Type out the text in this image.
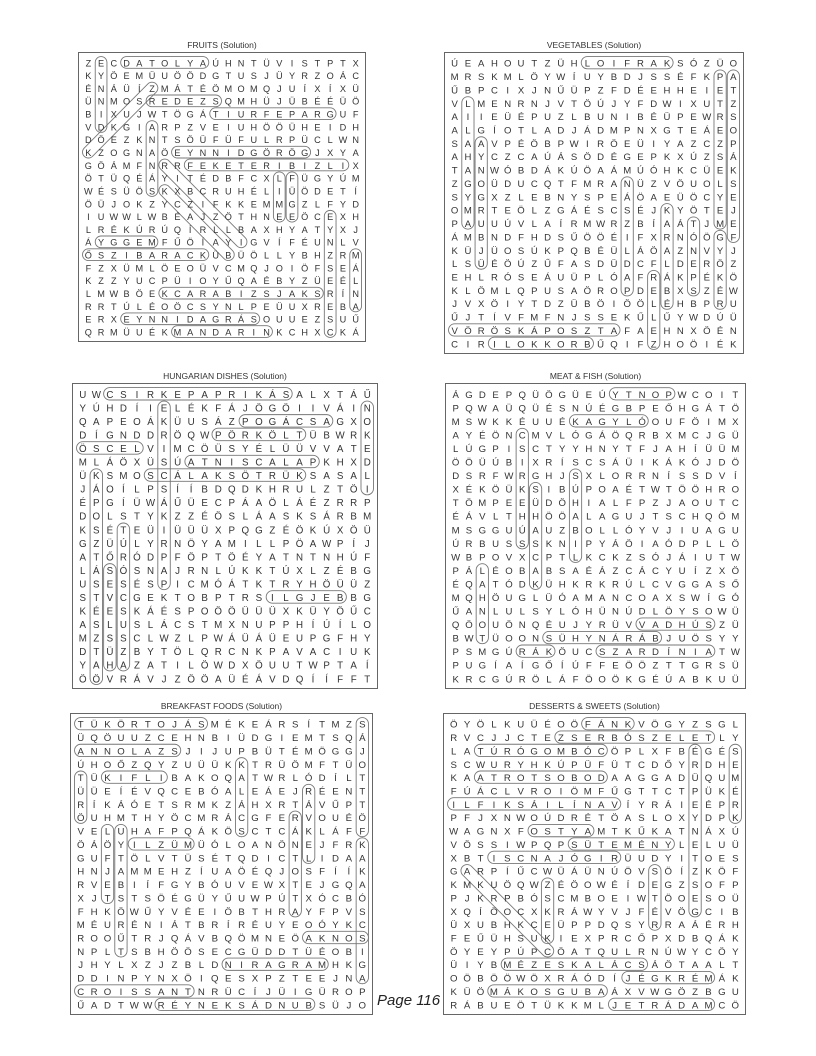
FRUITS (Solution)
Z E C D A T O L Y A Ú H N T Ü V I S T P T X
K Y Ö E M Ü U Ö Ö D G T U S J Ü Y R Z O Á C
É N Á Ü Í Z M Á T É Ö M O M Q J U Í X Í X Ü
Ü N M O S R E D E Z S Q M H Ü J Ü B É É Ü Ö
B I X U J W T Ö G Á T I U R F E P A R G U F
V D K G I A R P Z V E I U H Ö Ö Ü H E I D H
D Ö E Z K N T S Ö Ü F Ü F U L R P Ü C L W N
K Z O G N A Ö E Y N N I D G Ö R Ö G J X Y A
G Ö Á M F N R R F E K E T E R I B I Z L I X
Ö T Ü Q É Á Y I T É D B F C X L F Ü G Y Ú M
W É S Ü Ö S K X B C R U H É L I Ü Ö D E T Í
Ö Ü J O K Z Y C Z I F K K E M M G Z L F Y D
I U W W L W B É A J Z Ö T H N E E Ö C E X H
L R É K Ú R Ú Q Í R L L B A X H Y A T Y X J
Á Y G G E M F Ű Ö Í A Y I G V Í F É U N L V
Ő S Z I B A R A C K Ü B Ü Ö L L Y B H Z R M
F Z X Ü M L Ö E O Ü V C M Q J O I Ö F S E Á
K Z Z Y U C P Ü I O Y Ű Q A É B Y Z Ü E É L
L M W B Ö E K C A R A B I Z S J A K S R Í N
R R T Ú L É O Ö C S Y N L P E Ü U X R E B A
E R X E Y N N I D A G R Á S O U U E Z S U Ű
Q R M Ü U É K M A N D A R I N K C H X C K Á
VEGETABLES (Solution)
Ú E A H O U T Z Ü H L O I F R A K S Ó Z Ü O
M R S K M L Ö Y W Í U Y B D J S S É F K P A
Ű B P C I X J N Ű Ü P Z F D É E H H E I E T
V L M E N R N J V T Ö Ú J Y F D W I X U T Z
A I I E Ü É P U Z L B U N I B É Ü P E W R S
A L G Í O T L A D J Á D M P N X G T E Á E O
S A A V P É Ö B P W I R Ö E Ü I Y A Z C Z P
A H Y C Z C A Ú Á S Ö D É G E P K X Ú Z S Á
T A N W Ó B D Á K Ú Ö A Á M Ú Ó H K C Ü E K
Z G O Ü D U C Q T F M R A N Ü Z V Ö U O L S
S Y G X Z L E B N Y S P E Á Ö A E Ü Ö C Y E
O M R T E Ö L Z G Á É S C S É J K Y Ö T E J
P A U U Ú V L A Í R M W R Z B Í A Á T J M E
Á M B N D F H D S Ű Ö Ö É I F X R N Ó Ö G F
K Ü J Ü O S Ú K P Q B É Ü L Á Ö A Z N V Y J
L S Ü É Ö Ú Z Ű F A S D Ü D C F L D E R Ö Z
E H L R Ó S E Á U Ü P L Ó A F R Á K P É K Ö
K L Ö M L Q P U S A Ö R O P D E B X S Z É W
J V X Ö I Y T D Z Ü B Ö I Ö Ö L É H B P R U
Ű J T Í V F M F N J S S E K Ű L Ű Y W D Ú Ü
V Ö R Ö S K Á P O S Z T A F A E H N X Ö É N
C I R I L O K K O R B Ű Q I F Z H O Ö I É K
HUNGARIAN DISHES (Solution)
U W C S I R K E P A P R I K Á S A L X T Á Ű
Y Ú H D Í I E L É K F Á J Ö G Ö I I V Á I N
Q A P E O Á K Ü U S Á Z P O G Á C S A G X O
D Í G N D D R Ö Q W P Ö R K Ö L T Ü B W R K
Ö S C E L V I M C Ö Ü S Y É L Ü Ü V V A T E
M L Á Ö X Ü S Ú A T N I S C A L A P K H X D
Ü K S M O S C Á L A K S Ö T R Ü K S A S A L
J Á O Í L P S Í Í B D Q D K H R U L Z T Ö I
É P G Í Ü W Á Ű Ü E C P Á A Ö L Á É Z R R P
D O L S T Y K Z Z É Ö S L Á A S K S Á R B M
K S É T E Ü I Ü Ü Ü X P Q G Z É Ö K Ú X Ö Ü
G Z Ü Ú L Y R N Ö Y A M I L L P Ö A W P Í J
A T Ő R Ó D P F Ö P T Ö É Y A T N T N H Ú F
L Á S Ó S N A J R N L Ú K K T Ú X L Z É B G
U S E S É S P I C M Ó Á T K T R Y H Ö Ü Ü Z
S T V C G E K T O B P T R S I L G J E B B G
K É E S K Á É S P O Ö Ö Ü Ü Ü X K Ü Y Ö Ű C
A S L U S L Á C S T M X N U P P H Í Ú Í L O
M Z S S C L W Z L P W Á Ü Á Ü E U P G F H Y
D T Ü Z B Y T Ö L Q R C N K P A V A C I U K
Y A H A Z A T I L Ö W D X Ö U U T W P T A Í
Ö Ö V R Á V J Z Ö Ö A Ü É Á V D Q Í Í F F T
MEAT & FISH (Solution)
Á G D E P Q Ü Ö G Ü E Ú Y T N O P W C O I T
P Q W A Ü Q Ü É S N Ú É G B P E Ő H G Á T Ö
M S W K K É U U É K A G Y L Ó O U F Ö I M X
A Y É Ö N C M V L Ó G Á Ö Q R B X M C J G Ü
L Ú G P I S C T Y Y H N Y T F J A H Í Ü Ü M
Ö Ö Ü Ú B I X R Í S C S Á Ü I K Á K Ó J D Ö
D S R F W R G H J S X L O R R N Í S S D V Í
X É K Ö Ü K S I B Ú P O A É T W T Ö Ö H R O
T Ö M P E E Ü D Ö H I A L F P Z J A O U T C
É Á V L T H H Ö Ö A L A G U J T S C H Q Ö M
M S G G U Ú A U Z B O L L Ó Y V J I U A G U
Ú R B U S S S K N I P Y Á Ö I A Ó D P L L Ö
W B P O V X C P T L K C K Z S Ó J Á I U T W
P Á L É O B A B S A É Á Z C Á C Y U Í Z X Ö
É Q A T Ó D K Ü H K R K R Ú L C V G G A S Ő
M Q H Ö U G L Ü Ó A M A N C O A X S W Í G Ó
Ű A N L U L S Y L Ó H Ü N Ú D L Ö Y S O W Ü
Q Ö O U Ö N Q É U J Y R Ü V V A D H Ú S Z Ü
B W T Ü O O N S Ü H Y N Á R Á B J U Ö S Y Y
P S M G Ú R Á K Ö U C S Z A R D Í N I A T W
P U G Í A Í G Ő Í Ú F F E Ö Ö Z T T G R S Ü
K R C G Ú R Ö L Á F Ö O Ö K G É Ú A B K U Ü
BREAKFAST FOODS (Solution)
T Ü K Ö R T O J Á S M É K E Á R S Í T M Z S
Ü Q Ö U U Z C E H N B I Ü D G I E M T S Q Á
A N N O L A Z S J I J U P B Ü T É M Ö G G J
Ú H O Ő Z Q Y Z U Ü Ü K K T R Ü Ö M F T Ü O
T Ü K I F L I B A K O Q A T W R L Ó D Í L T
Ü Ü E Í É V Q C E B Ó A L E Á E J R É E N T
R Í K Á Ó E T S R M K Z Á H X R T Á V Ű P T
Ö U H M T H Y Ö C M R Á C G F E R V O U É Ö
V E L U H A F P Q Á K Ö S C T C Á K L Á F F
Ö Á Ö Y I L Z Ü M Ü Ó L O A N Ö N E J F R K
G U F T Ö L V T Ü S É T Q D I C T L I D A A
H N J A M M E H Z Í U A Ö É Q J O S F Í Í K
R V E B I Í F G Y B Ó U V E W X T E J G Q A
X J T S T S Ö É G Ü Y Ű U W P Ú T X Ó C B Ó
F H K Ö W Ű Y V É E I Ö B T H R A Y F P V S
M É U R É N I Á T B R Í R É U Y E O Ó Y K C
R O O Ű T R J Q Á V B Q Ö M N E Ö A K N O S
N P L T S B H Ö Ö S E C G Ü D D T Ü É O B I
J H Y L X Z J Z B L D N I R A G R A M H K G
D D I N P Y N X Ö I Q E S X P Z T E E J N A
C R O I S S A N T N R Ü C Í J Ü I G Ü R O P
Ű A D T W W R É Y N E K S Á D N U B S Ü J O
DESSERTS & SWEETS (Solution)
Ö Y Ö L K U Ü É O Ö F Á N K V Ö G Y Z S G L
R V C J J C T E Z S E R B Ó S Z E L E T L Y
L A T Ú R Ó G O M B Ó C Ö P L X F B É G É S
S C W U R Y H K Ú P Ü F Ü T C D Ő Y R D H E
K A A T R O T S O B O D A A G G A D Ü Q U M
F Ú Á C L V R O I Ö M F Ű G T T C T P Ü K É
I L F I K S Á I L Í N A V Í Y R Á I E É P R
P F J X N W O Ú D R É T Ö A S L O X Y D P K
W A G N X F O S T Y A M T K Ű K A T N Á X Ú
V Ö S S I W P Q P S Ü T E M É N Y L E L U Ü
X B T I S C N A J Ó G I R Ü U D Y I T O E S
G A R P Í Ű C W Ü Á Ü N Ú Ö V S Ö Í Z K Ö F
K M K U Ö Q W Z É Ö O W É Í D E G Z S O F P
P J K R P B Ó S C M B O E I W T Ö O E S O Ü
X Q Í Ö O C X K R Á W Y V J F É V Ö G C I B
Ü X U B H K C E Ü P P D Q S Y R R A Á É R H
F E Ű Ü H S U K I E X P R C Ő P X D B Q Á K
Ö Y E Y P Ú P C Ö A T Q U L R N Ú W Y C Ö Y
Ü I Y B M É Z E S K A L Á C S Á Ö T A A L T
O Ö B Ö Ö W Ö X R Á Ó D Í J É G K R É M Á K
K Ü Ö M Á K O S G U B A Á X V W G Ö Z B G U
R Á B U E Ö T Ü K K M L J E T R Á D A M C Ö
Page 116
